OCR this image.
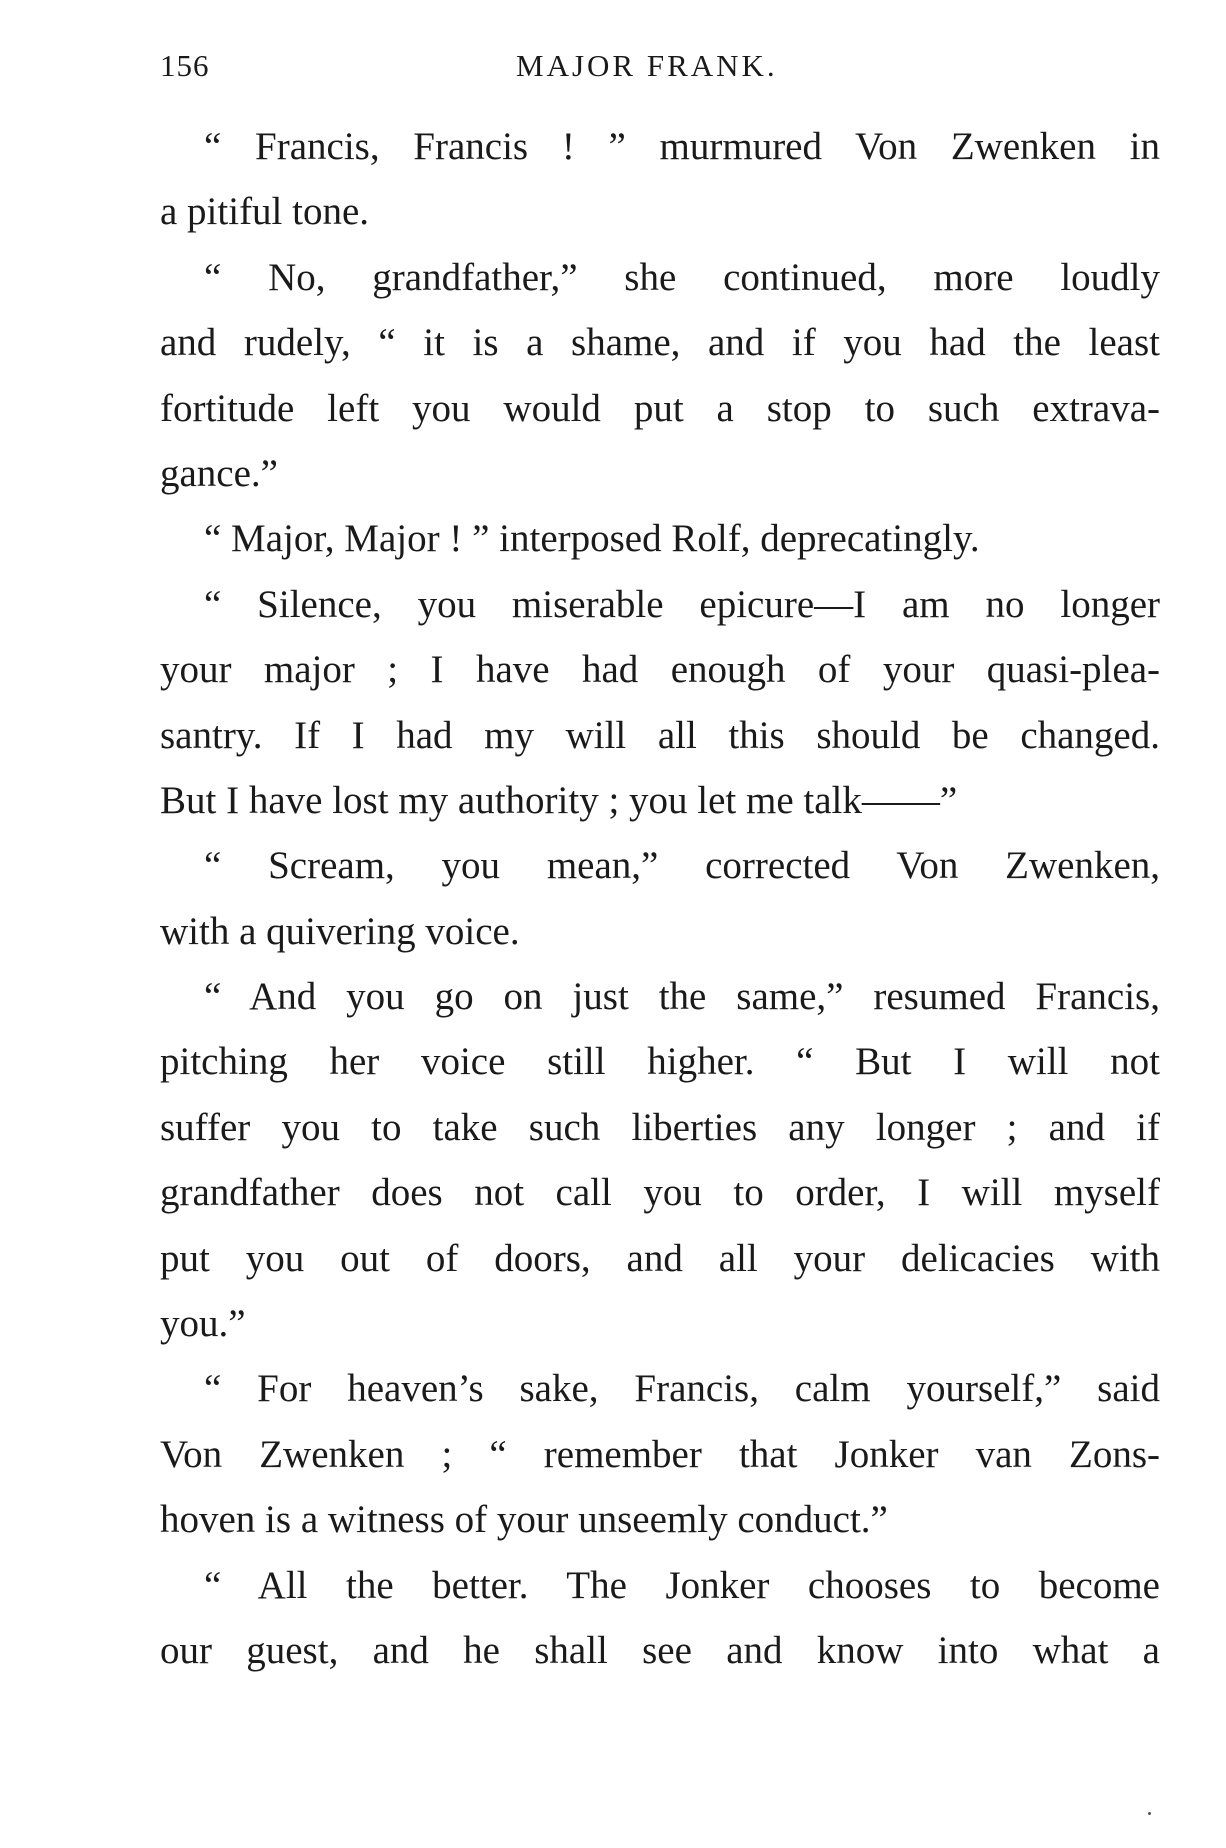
156	MAJOR FRANK.
“ Francis, Francis ! ” murmured Von Zwenken in
a pitiful tone.
“ No, grandfather,” she continued, more loudly
and rudely, “ it is a shame, and if you had the least
fortitude left you would put a stop to such extrava-
gance.”
“ Major, Major ! ” interposed Rolf, deprecatingly.
“ Silence, you miserable epicure—I am no longer
your major ; I have had enough of your quasi-plea-
santry. If I had my will all this should be changed.
But I have lost my authority ; you let me talk——”
“ Scream, you mean,” corrected Von Zwenken,
with a quivering voice.
“ And you go on just the same,” resumed Francis,
pitching her voice still higher. “ But I will not
suffer you to take such liberties any longer ; and if
grandfather does not call you to order, I will myself
put you out of doors, and all your delicacies with
you.”
“ For heaven’s sake, Francis, calm yourself,” said
Von Zwenken ; “ remember that Jonker van Zons-
hoven is a witness of your unseemly conduct.”
“ All the better. The Jonker chooses to become
our guest, and he shall see and know into what a
